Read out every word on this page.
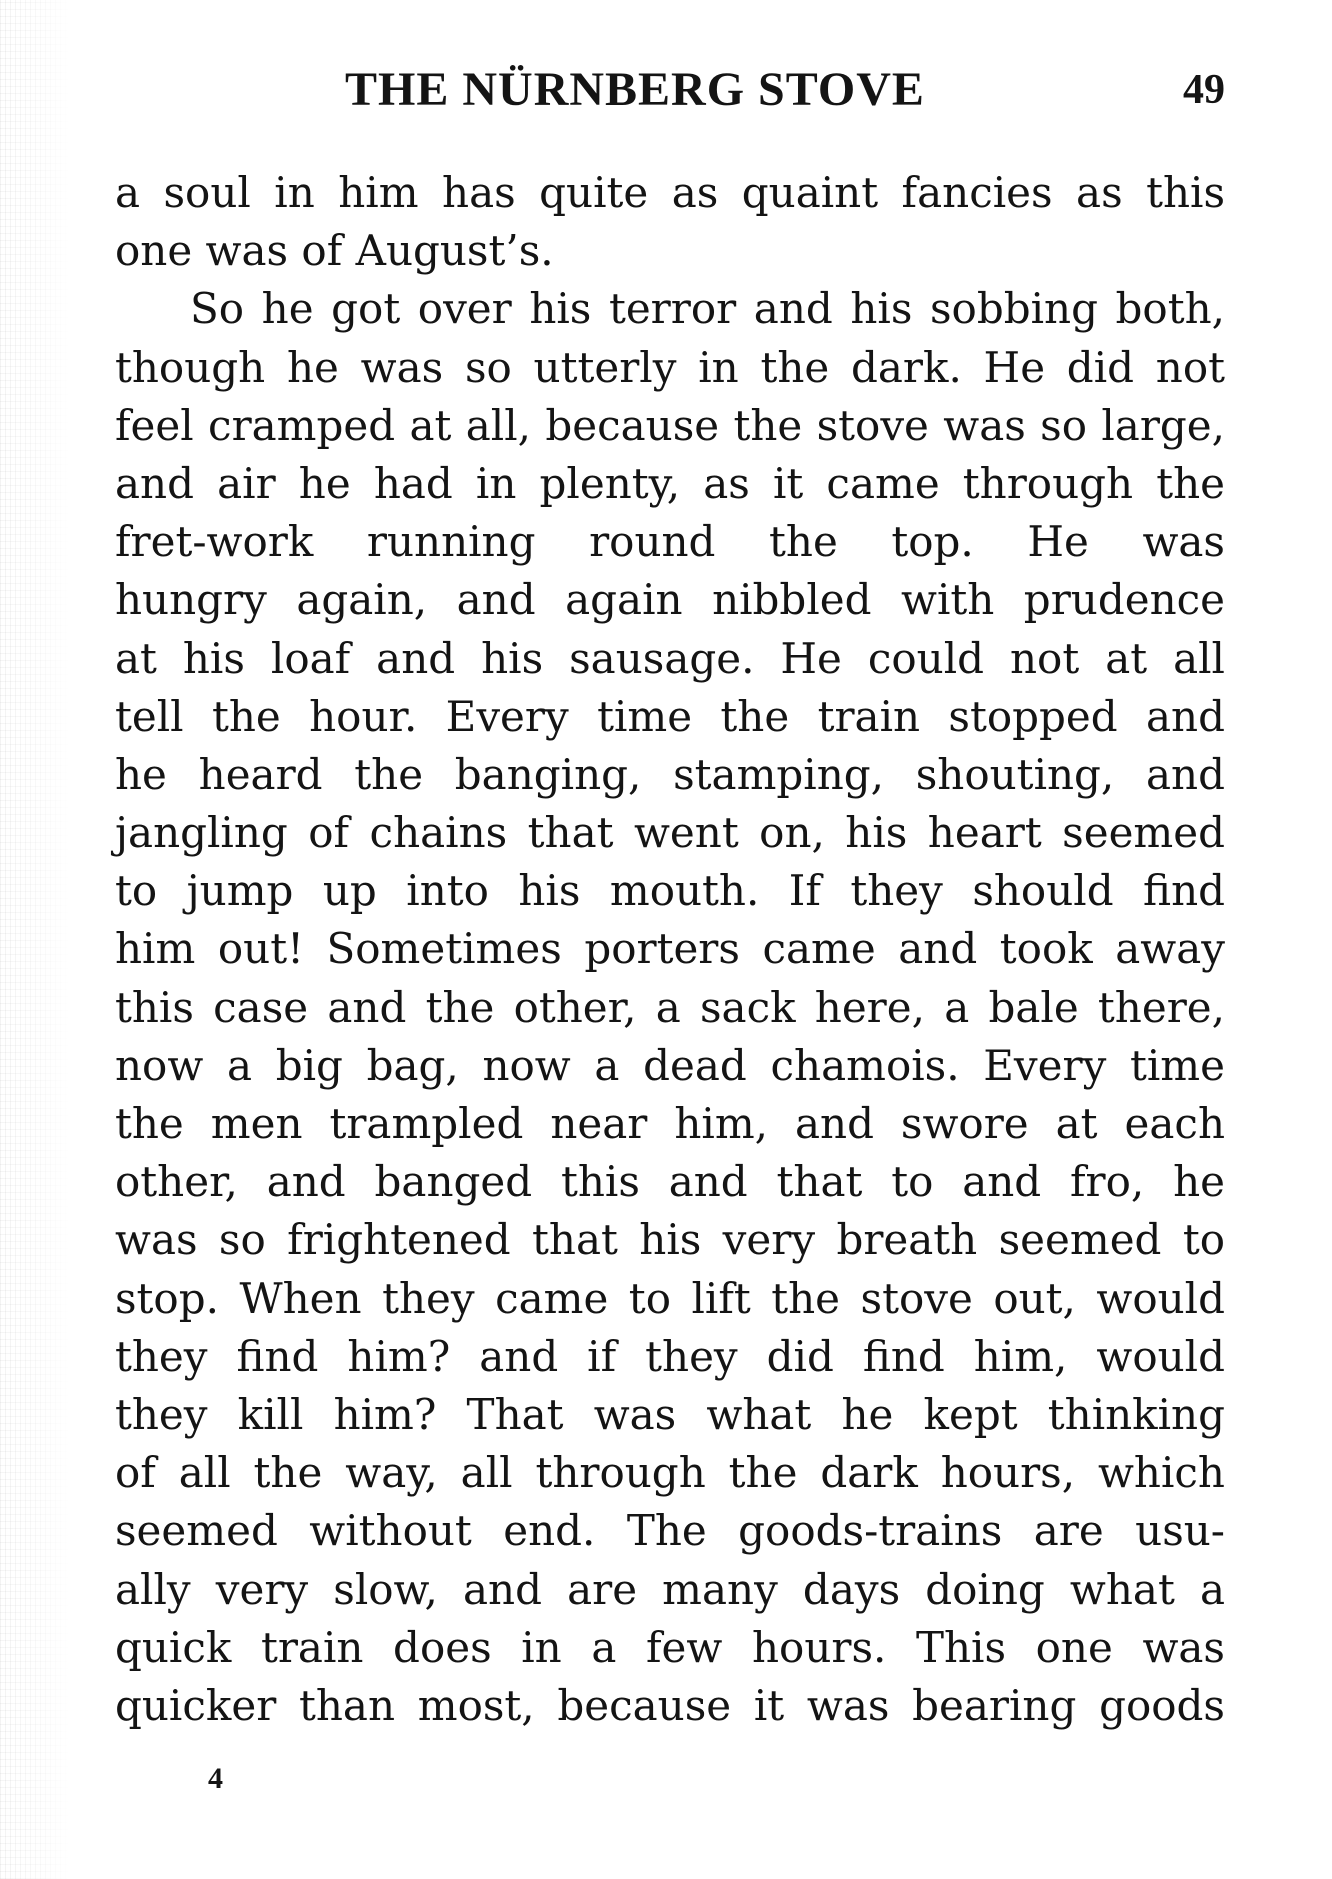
THE NÜRNBERG STOVE	49
a soul in him has quite as quaint fancies as this
one was of August’s.
So he got over his terror and his sobbing both,
though he was so utterly in the dark. He did not
feel cramped at all, because the stove was so large,
and air he had in plenty, as it came through the
fret-work running round the top. He was
hungry again, and again nibbled with prudence
at his loaf and his sausage. He could not at all
tell the hour. Every time the train stopped and
he heard the banging, stamping, shouting, and
jangling of chains that went on, his heart seemed
to jump up into his mouth. If they should find
him out! Sometimes porters came and took away
this case and the other, a sack here, a bale there,
now a big bag, now a dead chamois. Every time
the men trampled near him, and swore at each
other, and banged this and that to and fro, he
was so frightened that his very breath seemed to
stop. When they came to lift the stove out, would
they find him? and if they did find him, would
they kill him? That was what he kept thinking
of all the way, all through the dark hours, which
seemed without end. The goods-trains are usu-
ally very slow, and are many days doing what a
quick train does in a few hours. This one was
quicker than most, because it was bearing goods
4
